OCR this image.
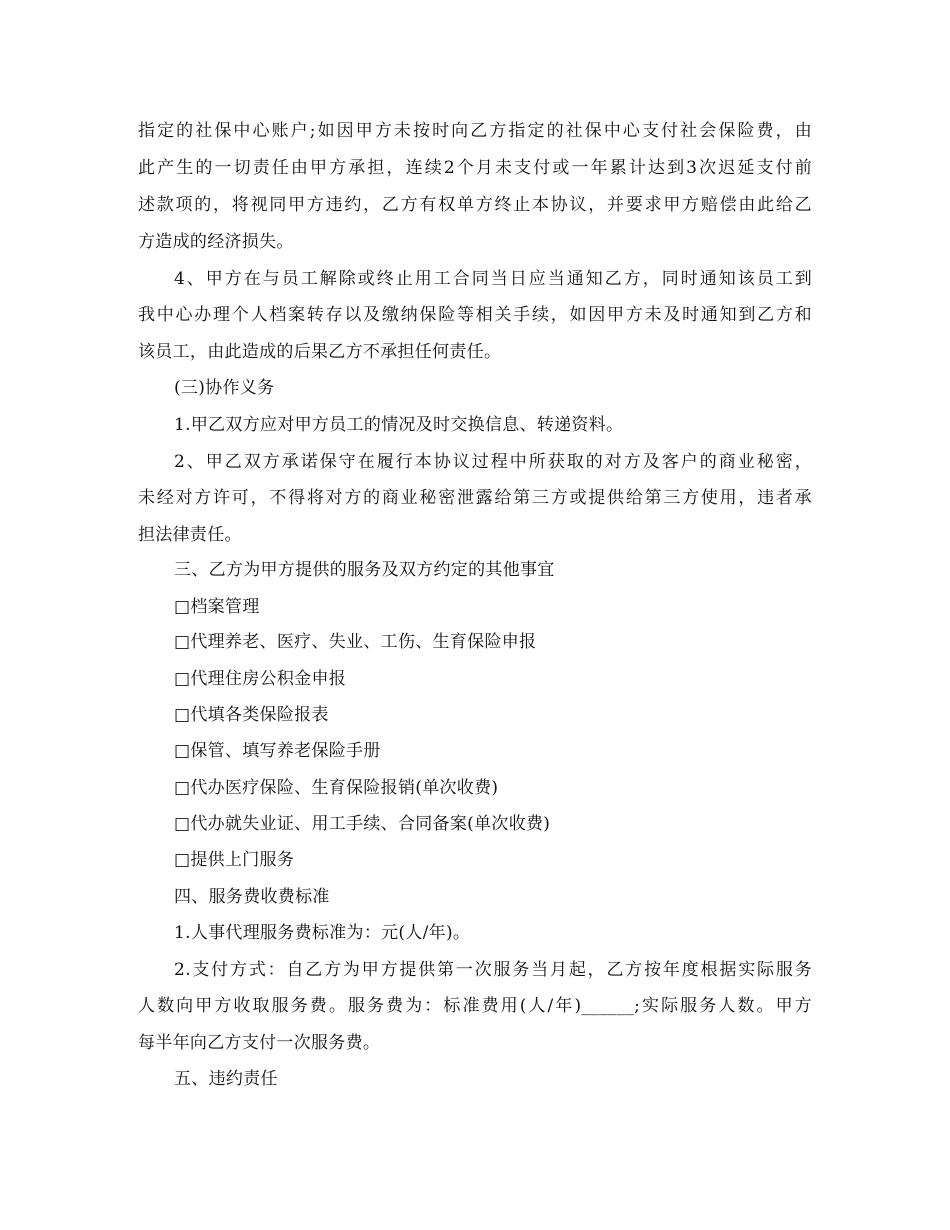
指定的社保中心账户;如因甲方未按时向乙方指定的社保中心支付社会保险费，由
此产生的一切责任由甲方承担，连续2个月未支付或一年累计达到3次迟延支付前
述款项的，将视同甲方违约，乙方有权单方终止本协议，并要求甲方赔偿由此给乙
方造成的经济损失。
4、甲方在与员工解除或终止用工合同当日应当通知乙方，同时通知该员工到
我中心办理个人档案转存以及缴纳保险等相关手续，如因甲方未及时通知到乙方和
该员工，由此造成的后果乙方不承担任何责任。
(三)协作义务
1.甲乙双方应对甲方员工的情况及时交换信息、转递资料。
2、甲乙双方承诺保守在履行本协议过程中所获取的对方及客户的商业秘密，
未经对方许可，不得将对方的商业秘密泄露给第三方或提供给第三方使用，违者承
担法律责任。
三、乙方为甲方提供的服务及双方约定的其他事宜
□档案管理
□代理养老、医疗、失业、工伤、生育保险申报
□代理住房公积金申报
□代填各类保险报表
□保管、填写养老保险手册
□代办医疗保险、生育保险报销(单次收费)
□代办就失业证、用工手续、合同备案(单次收费)
□提供上门服务
四、服务费收费标准
1.人事代理服务费标准为：元(人/年)。
2.支付方式：自乙方为甲方提供第一次服务当月起，乙方按年度根据实际服务
人数向甲方收取服务费。服务费为：标准费用(人/年)______;实际服务人数。甲方
每半年向乙方支付一次服务费。
五、违约责任
